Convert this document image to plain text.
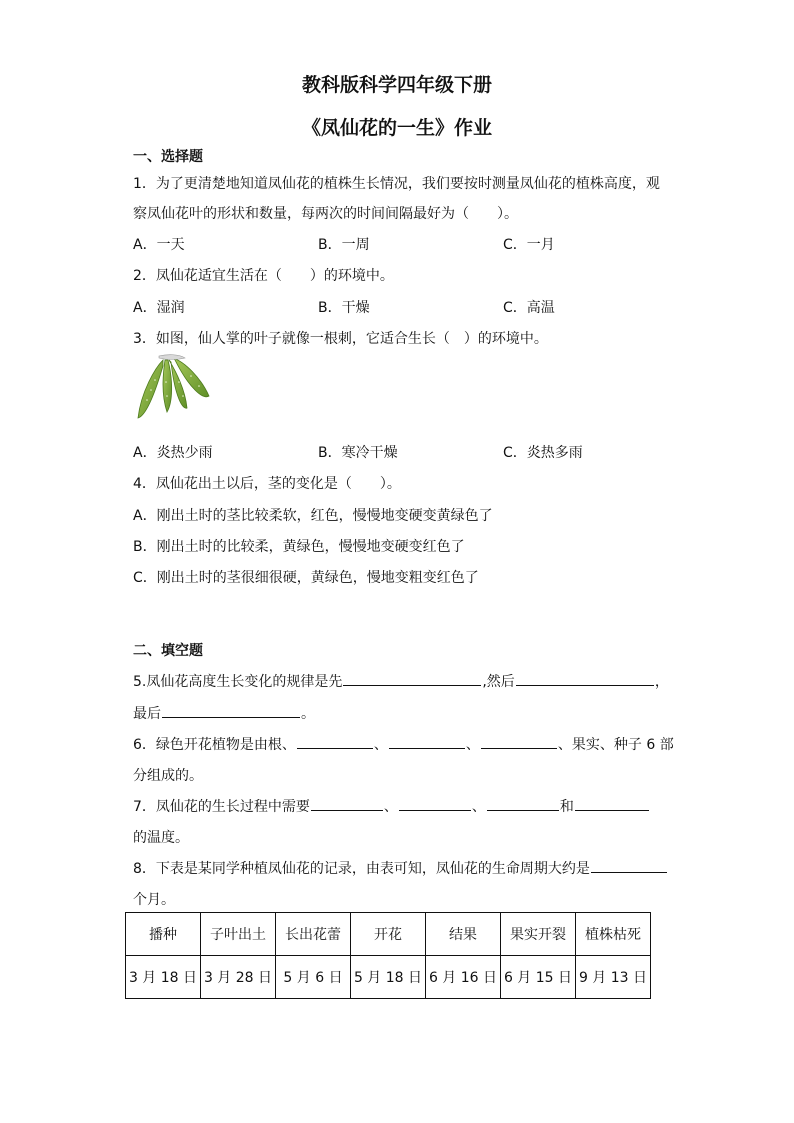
教科版科学四年级下册
《凤仙花的一生》作业
一、选择题
1．为了更清楚地知道凤仙花的植株生长情况，我们要按时测量凤仙花的植株高度，观
察凤仙花叶的形状和数量，每两次的时间间隔最好为（　　）。
A．一天	B．一周	C．一月
2．凤仙花适宜生活在（　　）的环境中。
A．湿润	B．干燥	C．高温
3．如图，仙人掌的叶子就像一根刺，它适合生长（　）的环境中。
A．炎热少雨	B．寒冷干燥	C．炎热多雨
4．凤仙花出土以后，茎的变化是（　　）。
A．刚出土时的茎比较柔软，红色，慢慢地变硬变黄绿色了
B．刚出土时的比较柔，黄绿色，慢慢地变硬变红色了
C．刚出土时的茎很细很硬，黄绿色，慢地变粗变红色了
二、填空题
5.凤仙花高度生长变化的规律是先	,然后	，
最后	。
6．绿色开花植物是由根、	、	、	、果实、种子 6 部
分组成的。
7．凤仙花的生长过程中需要	、	、	和
的温度。
8．下表是某同学种植凤仙花的记录，由表可知，凤仙花的生命周期大约是
个月。
播种	子叶出土	长出花蕾	开花	结果	果实开裂	植株枯死
3 月 18 日	3 月 28 日	5 月 6 日	5 月 18 日	6 月 16 日	6 月 15 日	9 月 13 日
